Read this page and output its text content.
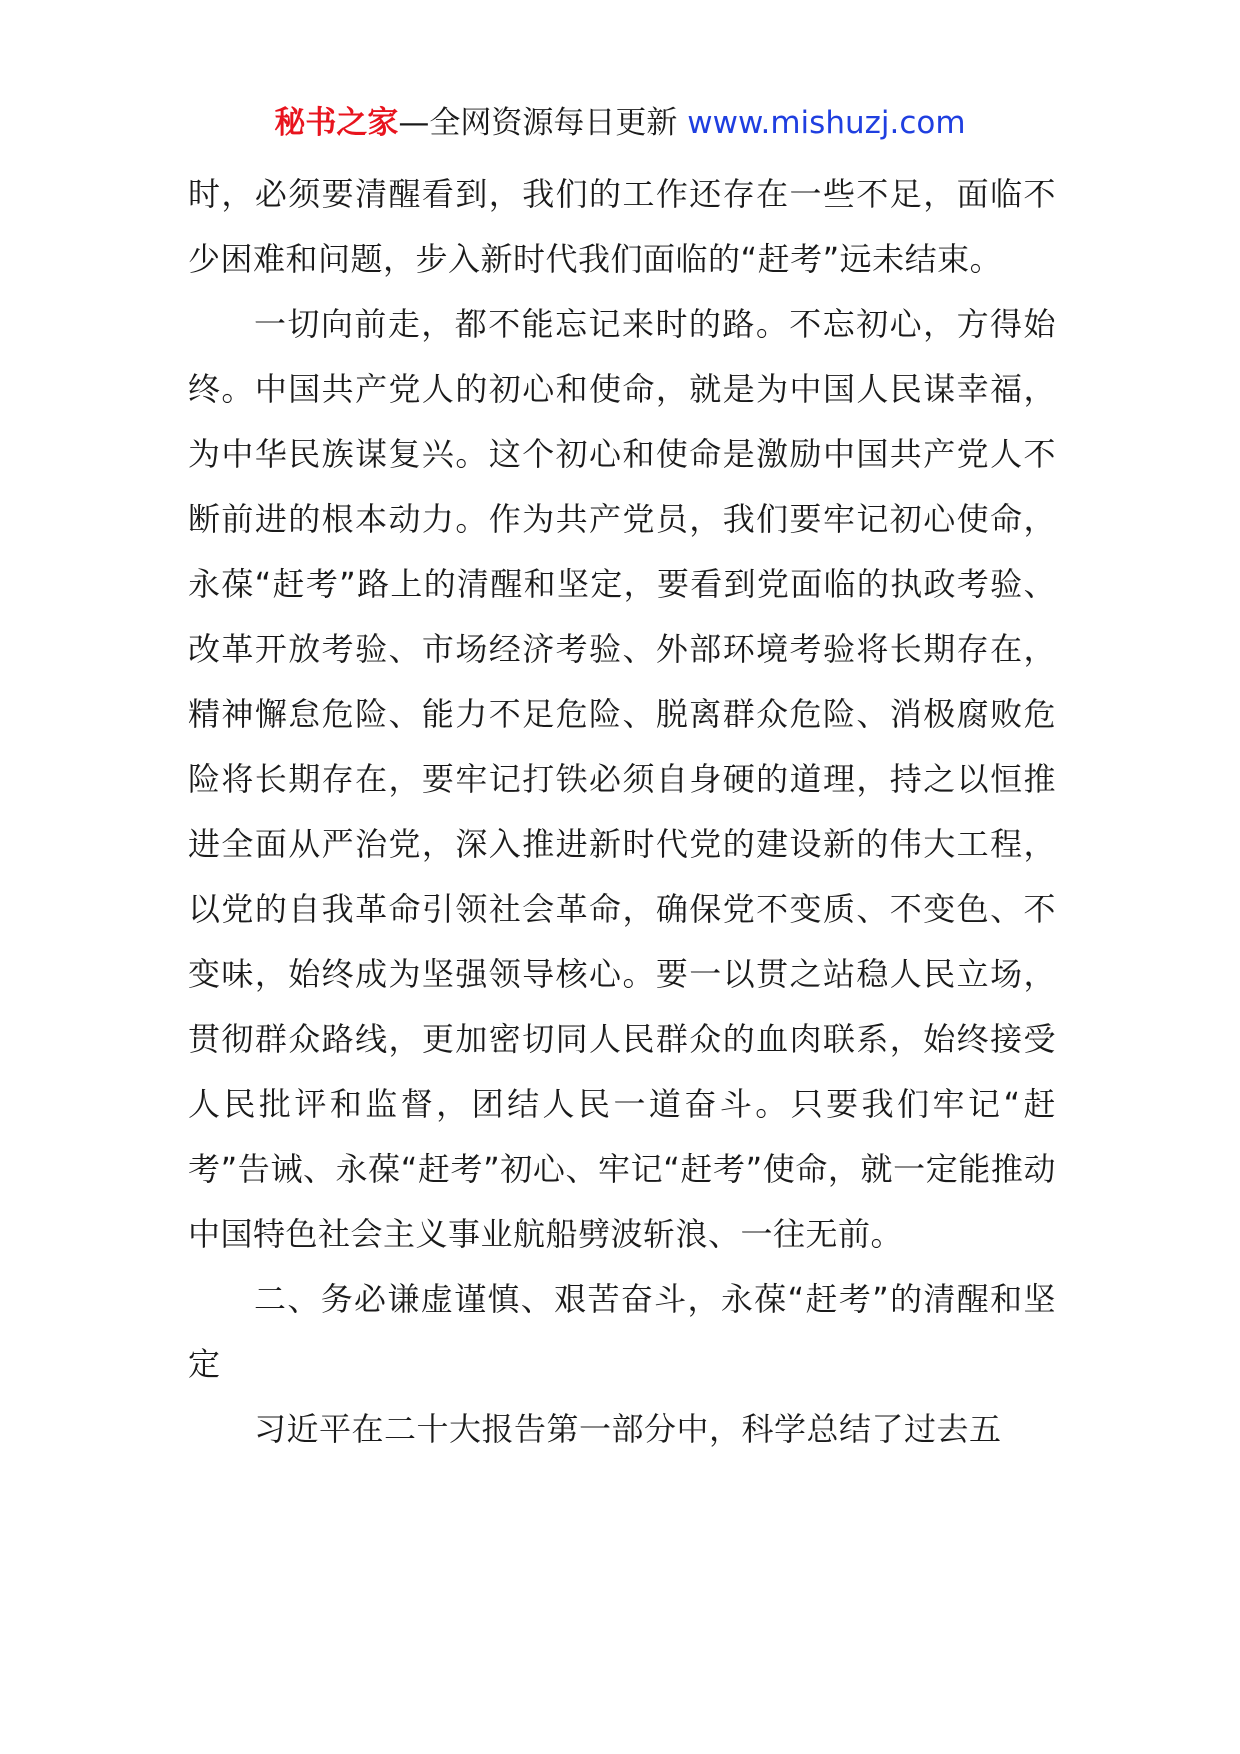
秘书之家—全网资源每日更新 www.mishuzj.com

时，必须要清醒看到，我们的工作还存在一些不足，面临不少困难和问题，步入新时代我们面临的“赶考”远未结束。

一切向前走，都不能忘记来时的路。不忘初心，方得始终。中国共产党人的初心和使命，就是为中国人民谋幸福，为中华民族谋复兴。这个初心和使命是激励中国共产党人不断前进的根本动力。作为共产党员，我们要牢记初心使命，永葆“赶考”路上的清醒和坚定，要看到党面临的执政考验、改革开放考验、市场经济考验、外部环境考验将长期存在，精神懈怠危险、能力不足危险、脱离群众危险、消极腐败危险将长期存在，要牢记打铁必须自身硬的道理，持之以恒推进全面从严治党，深入推进新时代党的建设新的伟大工程，以党的自我革命引领社会革命，确保党不变质、不变色、不变味，始终成为坚强领导核心。要一以贯之站稳人民立场，贯彻群众路线，更加密切同人民群众的血肉联系，始终接受人民批评和监督，团结人民一道奋斗。只要我们牢记“赶考”告诫、永葆“赶考”初心、牢记“赶考”使命，就一定能推动中国特色社会主义事业航船劈波斩浪、一往无前。

二、务必谦虚谨慎、艰苦奋斗，永葆“赶考”的清醒和坚定

习近平在二十大报告第一部分中，科学总结了过去五
